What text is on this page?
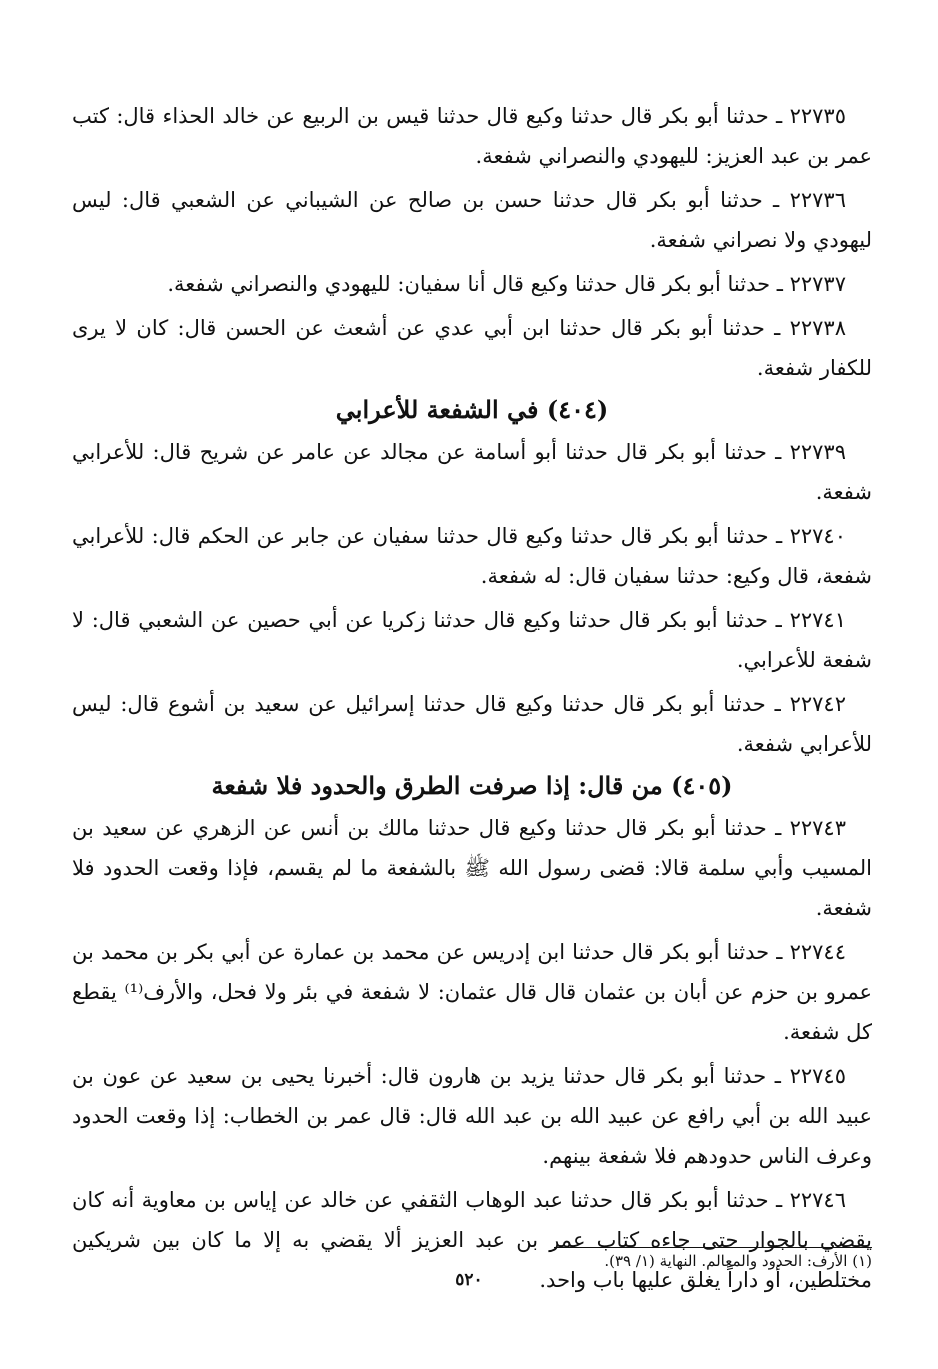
٢٢٧٣٥ ـ حدثنا أبو بكر قال حدثنا وكيع قال حدثنا قيس بن الربيع عن خالد الحذاء قال: كتب عمر بن عبد العزيز: لليهودي والنصراني شفعة.

٢٢٧٣٦ ـ حدثنا أبو بكر قال حدثنا حسن بن صالح عن الشيباني عن الشعبي قال: ليس ليهودي ولا نصراني شفعة.

٢٢٧٣٧ ـ حدثنا أبو بكر قال حدثنا وكيع قال أنا سفيان: لليهودي والنصراني شفعة.

٢٢٧٣٨ ـ حدثنا أبو بكر قال حدثنا ابن أبي عدي عن أشعث عن الحسن قال: كان لا يرى للكفار شفعة.

(٤٠٤) في الشفعة للأعرابي

٢٢٧٣٩ ـ حدثنا أبو بكر قال حدثنا أبو أسامة عن مجالد عن عامر عن شريح قال: للأعرابي شفعة.

٢٢٧٤٠ ـ حدثنا أبو بكر قال حدثنا وكيع قال حدثنا سفيان عن جابر عن الحكم قال: للأعرابي شفعة، قال وكيع: حدثنا سفيان قال: له شفعة.

٢٢٧٤١ ـ حدثنا أبو بكر قال حدثنا وكيع قال حدثنا زكريا عن أبي حصين عن الشعبي قال: لا شفعة للأعرابي.

٢٢٧٤٢ ـ حدثنا أبو بكر قال حدثنا وكيع قال حدثنا إسرائيل عن سعيد بن أشوع قال: ليس للأعرابي شفعة.

(٤٠٥) من قال: إذا صرفت الطرق والحدود فلا شفعة

٢٢٧٤٣ ـ حدثنا أبو بكر قال حدثنا وكيع قال حدثنا مالك بن أنس عن الزهري عن سعيد بن المسيب وأبي سلمة قالا: قضى رسول الله ﷺ بالشفعة ما لم يقسم، فإذا وقعت الحدود فلا شفعة.

٢٢٧٤٤ ـ حدثنا أبو بكر قال حدثنا ابن إدريس عن محمد بن عمارة عن أبي بكر بن محمد بن عمرو بن حزم عن أبان بن عثمان قال قال عثمان: لا شفعة في بئر ولا فحل، والأرف⁽¹⁾ يقطع كل شفعة.

٢٢٧٤٥ ـ حدثنا أبو بكر قال حدثنا يزيد بن هارون قال: أخبرنا يحيى بن سعيد عن عون بن عبيد الله بن أبي رافع عن عبيد الله بن عبد الله قال: قال عمر بن الخطاب: إذا وقعت الحدود وعرف الناس حدودهم فلا شفعة بينهم.

٢٢٧٤٦ ـ حدثنا أبو بكر قال حدثنا عبد الوهاب الثقفي عن خالد عن إياس بن معاوية أنه كان يقضي بالجوار حتى جاءه كتاب عمر بن عبد العزيز ألا يقضي به إلا ما كان بين شريكين مختلطين، أو داراً يغلق عليها باب واحد.

(١) الأرف: الحدود والمعالم. النهاية (١/ ٣٩).
٥٢٠
